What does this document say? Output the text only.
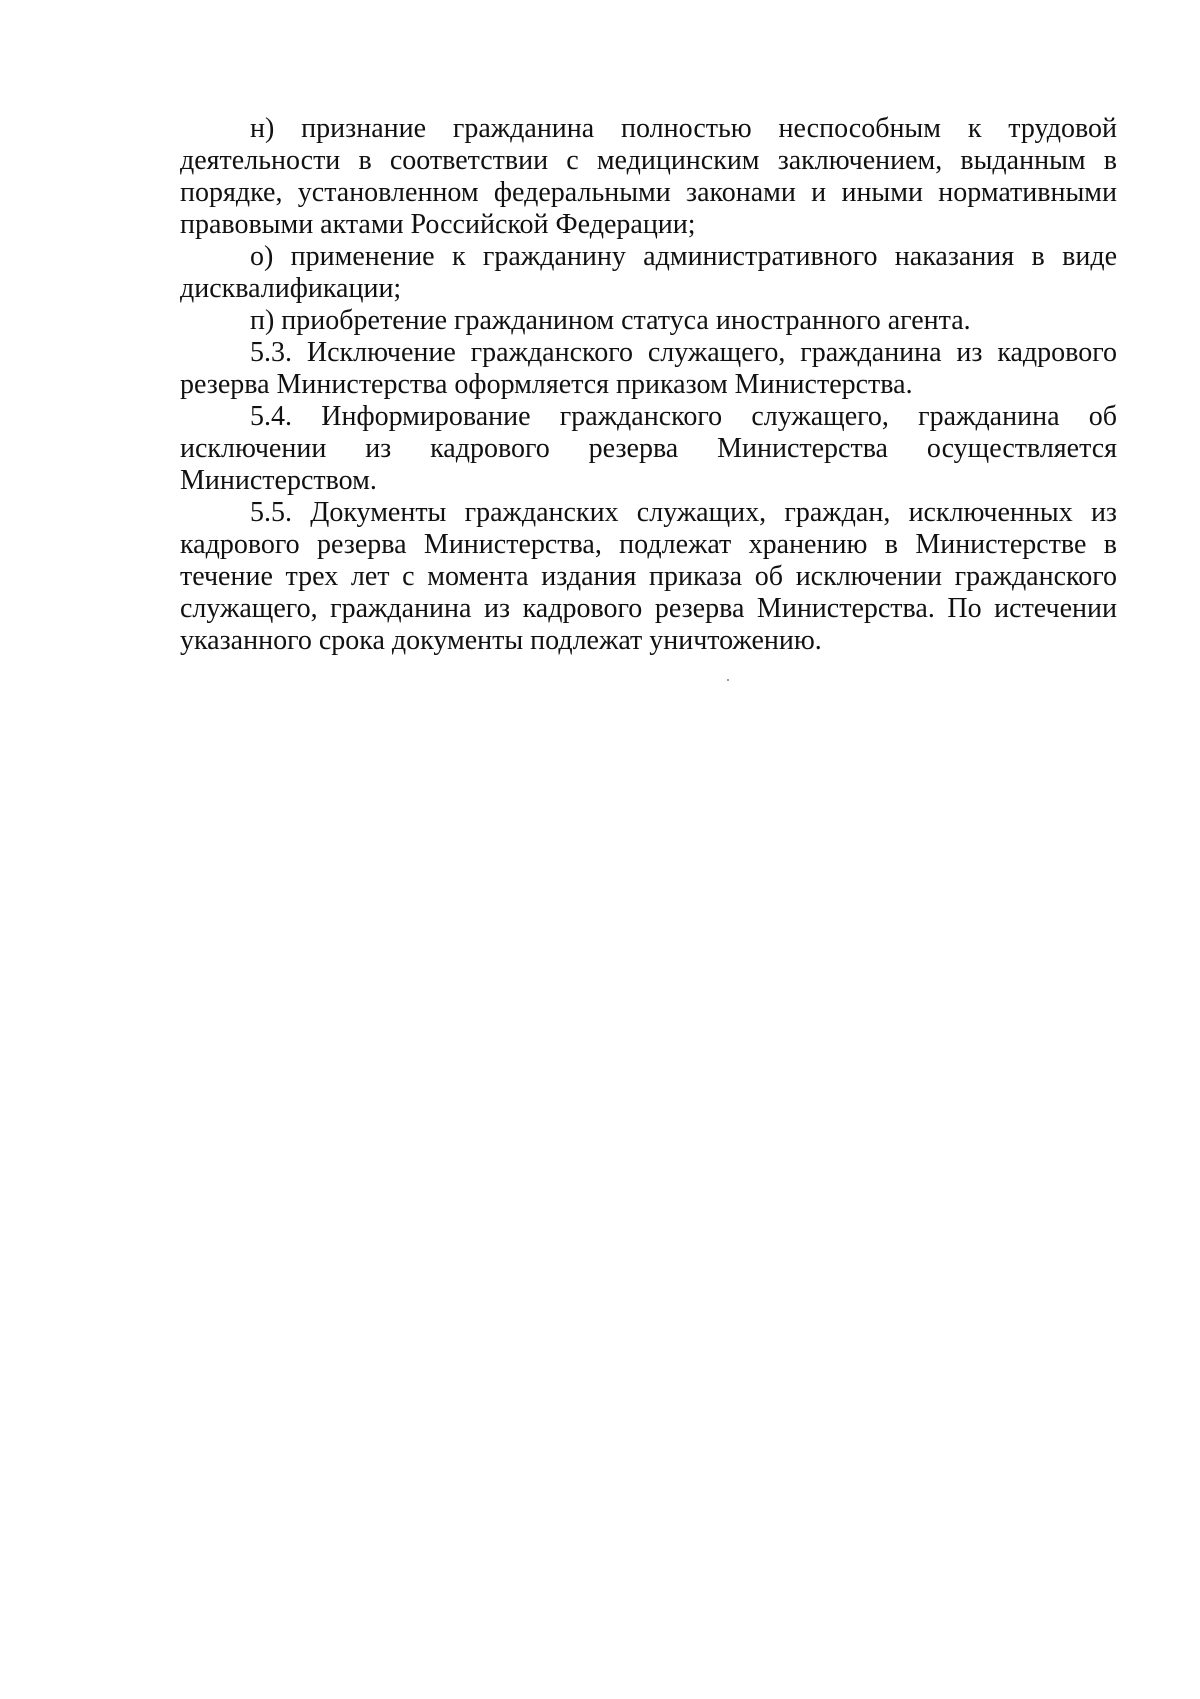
н) признание гражданина полностью неспособным к трудовой деятельности в соответствии с медицинским заключением, выданным в порядке, установленном федеральными законами и иными нормативными правовыми актами Российской Федерации;

о) применение к гражданину административного наказания в виде дисквалификации;

п) приобретение гражданином статуса иностранного агента.

5.3. Исключение гражданского служащего, гражданина из кадрового резерва Министерства оформляется приказом Министерства.

5.4. Информирование гражданского служащего, гражданина об исключении из кадрового резерва Министерства осуществляется Министерством.

5.5. Документы гражданских служащих, граждан, исключенных из кадрового резерва Министерства, подлежат хранению в Министерстве в течение трех лет с момента издания приказа об исключении гражданского служащего, гражданина из кадрового резерва Министерства. По истечении указанного срока документы подлежат уничтожению.
